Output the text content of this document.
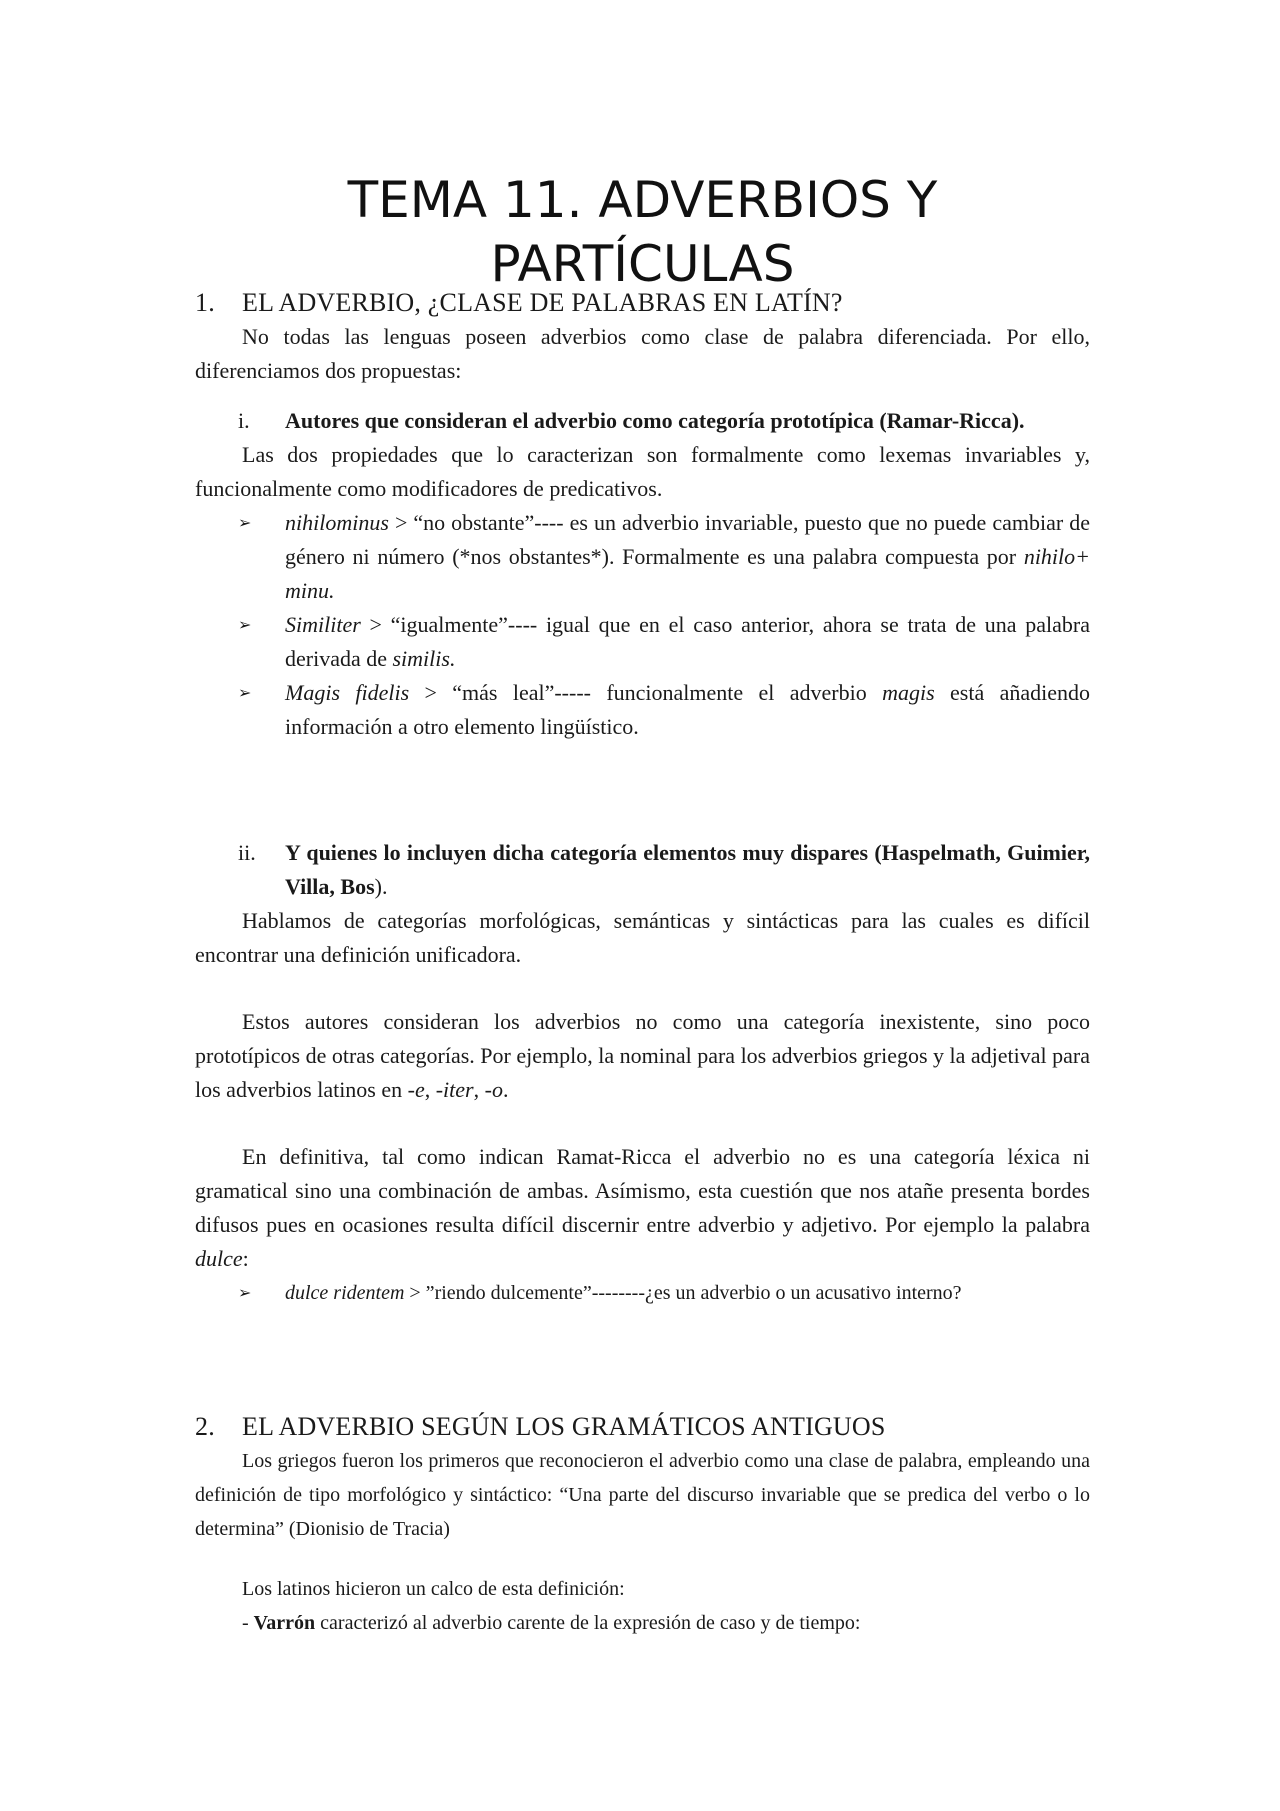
TEMA 11. ADVERBIOS Y
PARTÍCULAS
1. EL ADVERBIO, ¿CLASE DE PALABRAS EN LATÍN?

No todas las lenguas poseen adverbios como clase de palabra diferenciada. Por ello, diferenciamos dos propuestas:

i. Autores que consideran el adverbio como categoría prototípica (Ramar-Ricca).

Las dos propiedades que lo caracterizan son formalmente como lexemas invariables y, funcionalmente como modificadores de predicativos.

➢ nihilominus > “no obstante”---- es un adverbio invariable, puesto que no puede cambiar de género ni número (*nos obstantes*). Formalmente es una palabra compuesta por nihilo+ minu.

➢ Similiter > “igualmente”---- igual que en el caso anterior, ahora se trata de una palabra derivada de similis.

➢ Magis fidelis > “más leal”----- funcionalmente el adverbio magis está añadiendo información a otro elemento lingüístico.

ii. Y quienes lo incluyen dicha categoría elementos muy dispares (Haspelmath, Guimier, Villa, Bos).

Hablamos de categorías morfológicas, semánticas y sintácticas para las cuales es difícil encontrar una definición unificadora.

Estos autores consideran los adverbios no como una categoría inexistente, sino poco prototípicos de otras categorías. Por ejemplo, la nominal para los adverbios griegos y la adjetival para los adverbios latinos en -e, -iter, -o.

En definitiva, tal como indican Ramat-Ricca el adverbio no es una categoría léxica ni gramatical sino una combinación de ambas. Asímismo, esta cuestión que nos atañe presenta bordes difusos pues en ocasiones resulta difícil discernir entre adverbio y adjetivo. Por ejemplo la palabra dulce:

➢ dulce ridentem > ”riendo dulcemente”--------¿es un adverbio o un acusativo interno?

2. EL ADVERBIO SEGÚN LOS GRAMÁTICOS ANTIGUOS

Los griegos fueron los primeros que reconocieron el adverbio como una clase de palabra, empleando una definición de tipo morfológico y sintáctico: “Una parte del discurso invariable que se predica del verbo o lo determina” (Dionisio de Tracia)

Los latinos hicieron un calco de esta definición:

- Varrón caracterizó al adverbio carente de la expresión de caso y de tiempo:
